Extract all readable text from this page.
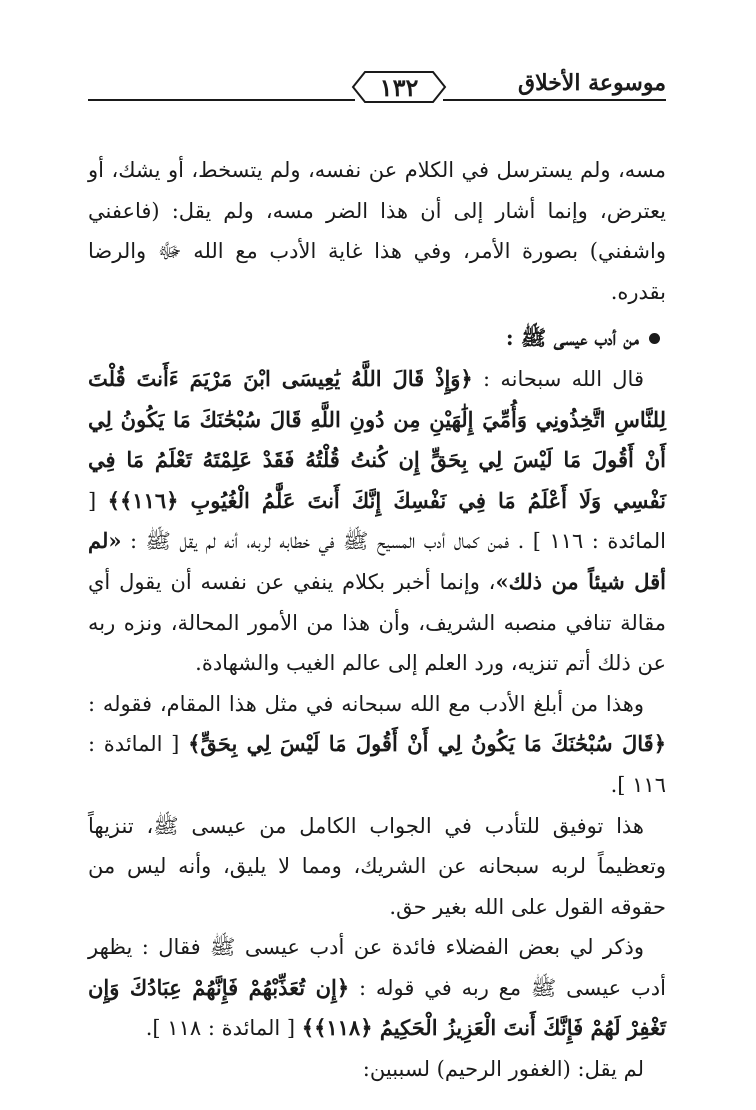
موسوعة الأخلاق
١٣٢

مسه، ولم يسترسل في الكلام عن نفسه، ولم يتسخط، أو يشك، أو يعترض، وإنما أشار إلى أن هذا الضر مسه، ولم يقل: (فاعفني واشفني) بصورة الأمر، وفي هذا غاية الأدب مع الله ﷻ والرضا بقدره.

من أدب عيسى ﷺ :

قال الله سبحانه : ﴿وَإِذْ قَالَ اللَّهُ يَٰعِيسَى ابْنَ مَرْيَمَ ءَأَنتَ قُلْتَ لِلنَّاسِ اتَّخِذُونِي وَأُمِّيَ إِلَٰهَيْنِ مِن دُونِ اللَّهِ قَالَ سُبْحَٰنَكَ مَا يَكُونُ لِي أَنْ أَقُولَ مَا لَيْسَ لِي بِحَقٍّ إِن كُنتُ قُلْتُهُ فَقَدْ عَلِمْتَهُ تَعْلَمُ مَا فِي نَفْسِي وَلَا أَعْلَمُ مَا فِي نَفْسِكَ إِنَّكَ أَنتَ عَلَّٰمُ الْغُيُوبِ ﴿١١٦﴾﴾ [ المائدة : ١١٦ ] . فمن كمال أدب المسيح ﷺ في خطابه لربه، أنه لم يقل ﷺ : «لم أقل شيئاً من ذلك»، وإنما أخبر بكلام ينفي عن نفسه أن يقول أي مقالة تنافي منصبه الشريف، وأن هذا من الأمور المحالة، ونزه ربه عن ذلك أتم تنزيه، ورد العلم إلى عالم الغيب والشهادة.

وهذا من أبلغ الأدب مع الله سبحانه في مثل هذا المقام، فقوله : ﴿قَالَ سُبْحَٰنَكَ مَا يَكُونُ لِي أَنْ أَقُولَ مَا لَيْسَ لِي بِحَقٍّ﴾ [ المائدة : ١١٦ ].

هذا توفيق للتأدب في الجواب الكامل من عيسى ﷺ، تنزيهاً وتعظيماً لربه سبحانه عن الشريك، ومما لا يليق، وأنه ليس من حقوقه القول على الله بغير حق.

وذكر لي بعض الفضلاء فائدة عن أدب عيسى ﷺ فقال : يظهر أدب عيسى ﷺ مع ربه في قوله : ﴿إِن تُعَذِّبْهُمْ فَإِنَّهُمْ عِبَادُكَ وَإِن تَغْفِرْ لَهُمْ فَإِنَّكَ أَنتَ الْعَزِيزُ الْحَكِيمُ ﴿١١٨﴾﴾ [ المائدة : ١١٨ ].

لم يقل: (الغفور الرحيم) لسببين:
